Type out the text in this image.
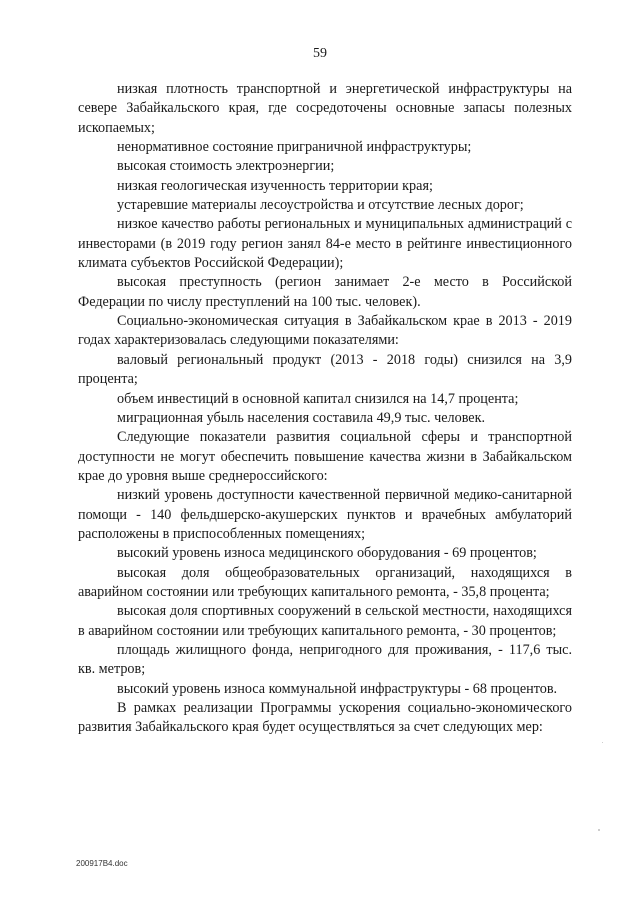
59

низкая плотность транспортной и энергетической инфраструктуры на севере Забайкальского края, где сосредоточены основные запасы полезных ископаемых;

ненормативное состояние приграничной инфраструктуры;

высокая стоимость электроэнергии;

низкая геологическая изученность территории края;

устаревшие материалы лесоустройства и отсутствие лесных дорог;

низкое качество работы региональных и муниципальных администраций с инвесторами (в 2019 году регион занял 84-е место в рейтинге инвестиционного климата субъектов Российской Федерации);

высокая преступность (регион занимает 2-е место в Российской Федерации по числу преступлений на 100 тыс. человек).

Социально-экономическая ситуация в Забайкальском крае в 2013 - 2019 годах характеризовалась следующими показателями:

валовый региональный продукт (2013 - 2018 годы) снизился на 3,9 процента;

объем инвестиций в основной капитал снизился на 14,7 процента;

миграционная убыль населения составила 49,9 тыс. человек.

Следующие показатели развития социальной сферы и транспортной доступности не могут обеспечить повышение качества жизни в Забайкальском крае до уровня выше среднероссийского:

низкий уровень доступности качественной первичной медико-санитарной помощи - 140 фельдшерско-акушерских пунктов и врачебных амбулаторий расположены в приспособленных помещениях;

высокий уровень износа медицинского оборудования - 69 процентов;

высокая доля общеобразовательных организаций, находящихся в аварийном состоянии или требующих капитального ремонта, - 35,8 процента;

высокая доля спортивных сооружений в сельской местности, находящихся в аварийном состоянии или требующих капитального ремонта, - 30 процентов;

площадь жилищного фонда, непригодного для проживания, - 117,6 тыс. кв. метров;

высокий уровень износа коммунальной инфраструктуры - 68 процентов.

В рамках реализации Программы ускорения социально-экономического развития Забайкальского края будет осуществляться за счет следующих мер:

200917B4.doc
